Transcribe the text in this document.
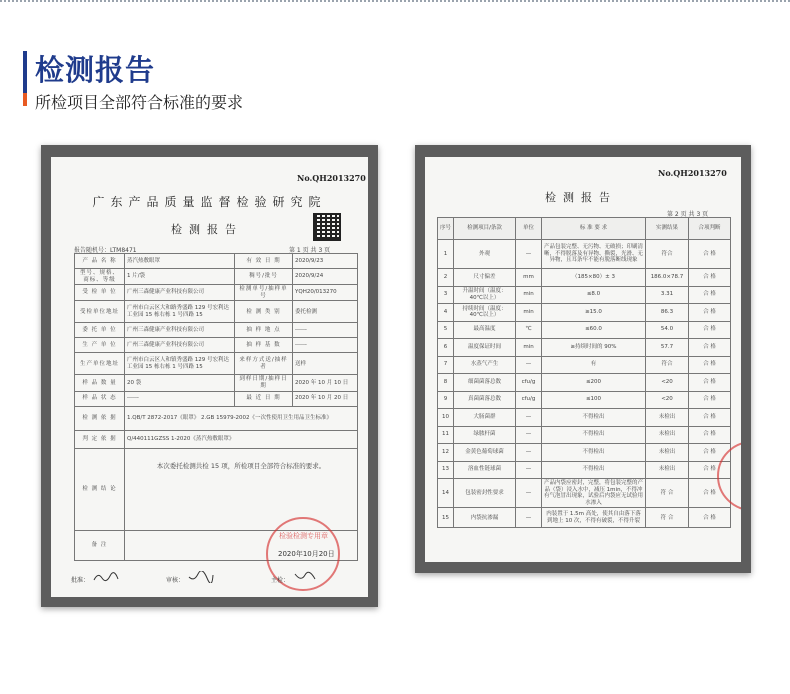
检测报告
所检项目全部符合标准的要求
No.QH2013270
广东产品质量监督检验研究院
检测报告
报告随机号：LTM8471	第 1 页 共 3 页
产 品 名 称	蒸汽热敷眼罩	有 效 日 期	2020/9/23
型号、规格、商标、等级	1 片/袋	稠号/批号	2020/9/24
受 检 单 位	广州三森健康产业科技有限公司	检测单号/抽样单号	YQH20/013270
受检单位地址	广州市白云区大和路秀盛路 129 号宏利达工业园 15 栋右栋 1 号四路 15	检 测 类 别	委托检测
委 托 单 位	广州三森健康产业科技有限公司	抽 样 地 点	------
生 产 单 位	广州三森健康产业科技有限公司	抽 样 基 数	------
生产单位地址	广州市白云区人和镇秀盛路 129 号宏利达工业园 15 栋右栋 1 号四路 15	来样方式送/抽样者	送样
样 品 数 量	20 袋	到样日期/抽样日期	2020 年 10 月 10 日
样 品 状 态	------	最 近 日 期	2020 年 10 月 20 日
检 测 依 据	1.QB/T 2872-2017《眼罩》 2.GB 15979-2002《一次性使用卫生用品卫生标准》		
判 定 依 据	Q/440111GZSS 1-2020《蒸汽热敷眼罩》		
检 测 结 论	本次委托检测共检 15 项，所检项目全部符合标准的要求。		
备 注			
检验检测专用章
2020年10月20日
批准：	审核：	主检：
No.QH2013270
检测报告
第 2 页 共 3 页
序号	检测项目/条款	单位	标 准 要 求	实测结果	合项判断
1	外观	—	产品包装完整、无污物、无破损；印刷清晰，不得脱落及有异物、撕裂，光滑、无异物，且耳条牢不能有脱落断线现象	符合	合 格
2	尺寸偏差	mm	（185×80）± 3	186.0×78.7	合 格
3	升温时间（温度：40℃以上）	min	≤8.0	3.31	合 格
4	持续时间（温度：40℃以上）	min	≥15.0	86.3	合 格
5	最高温度	℃	≤60.0	54.0	合 格
6	温度保证时间	min	≥持续时间的 90%	57.7	合 格
7	水蒸气产生	—	有	符合	合 格
8	细菌菌落总数	cfu/g	≤200	<20	合 格
9	真菌菌落总数	cfu/g	≤100	<20	合 格
10	大肠菌群	—	不得检出	未检出	合 格
11	绿脓杆菌	—	不得检出	未检出	合 格
12	金黄色葡萄球菌	—	不得检出	未检出	合 格
13	溶血性链球菌	—	不得检出	未检出	合 格
14	包装密封性要求	—	产品内袋应密封，完整，将包装完整的产品（袋）浸入水中，减压 1min，不得冲有气泡冒出现象，试验后内袋应无试验用水渗入	符 合	合 格
15	内袋抗渗漏	—	内装置于 1.5m 高处，使其自由落下落到地上 10 次，不得有破裂，不得升裂	符 合	合 格
